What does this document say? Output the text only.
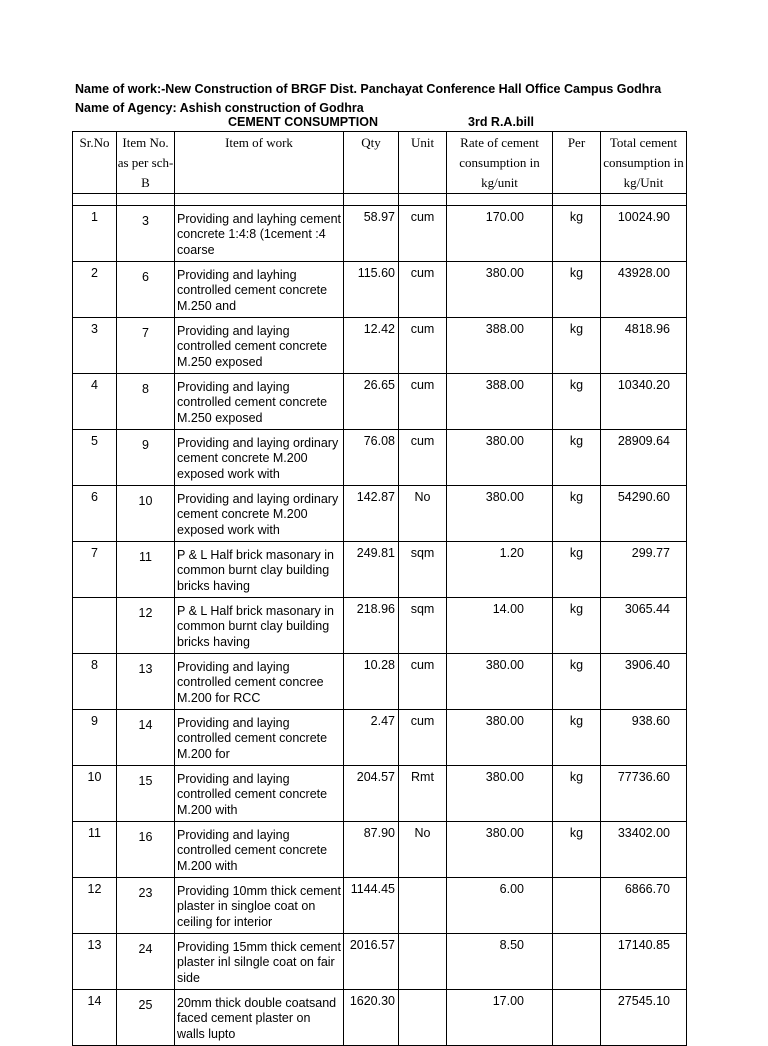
Name of work:-New Construction of BRGF Dist. Panchayat Conference Hall Office Campus Godhra
Name of Agency: Ashish construction of Godhra
CEMENT CONSUMPTION	3rd R.A.bill
Sr.No	Item No. as per sch-B	Item of work	Qty	Unit	Rate of cement consumption in kg/unit	Per	Total cement consumption in kg/Unit

1	3	Providing and layhing cement concrete 1:4:8 (1cement :4 coarse	58.97	cum	170.00	kg	10024.90
2	6	Providing and layhing controlled cement concrete M.250 and	115.60	cum	380.00	kg	43928.00
3	7	Providing and laying controlled cement concrete M.250 exposed	12.42	cum	388.00	kg	4818.96
4	8	Providing and laying controlled cement concrete M.250 exposed	26.65	cum	388.00	kg	10340.20
5	9	Providing and laying ordinary cement concrete M.200 exposed work with	76.08	cum	380.00	kg	28909.64
6	10	Providing and laying ordinary cement concrete M.200 exposed work with	142.87	No	380.00	kg	54290.60
7	11	P & L Half brick masonary in common burnt clay building bricks having	249.81	sqm	1.20	kg	299.77
	12	P & L Half brick masonary in common burnt clay building bricks having	218.96	sqm	14.00	kg	3065.44
8	13	Providing and laying controlled cement concree M.200 for RCC	10.28	cum	380.00	kg	3906.40
9	14	Providing and laying controlled cement concrete M.200 for	2.47	cum	380.00	kg	938.60
10	15	Providing and laying controlled cement concrete M.200 with	204.57	Rmt	380.00	kg	77736.60
11	16	Providing and laying controlled cement concrete M.200 with	87.90	No	380.00	kg	33402.00
12	23	Providing 10mm thick cement plaster in singloe coat on ceiling for interior	1144.45		6.00		6866.70
13	24	Providing 15mm thick cement plaster inl silngle coat on fair side	2016.57		8.50		17140.85
14	25	20mm thick double coatsand faced cement plaster on walls lupto	1620.30		17.00		27545.10
